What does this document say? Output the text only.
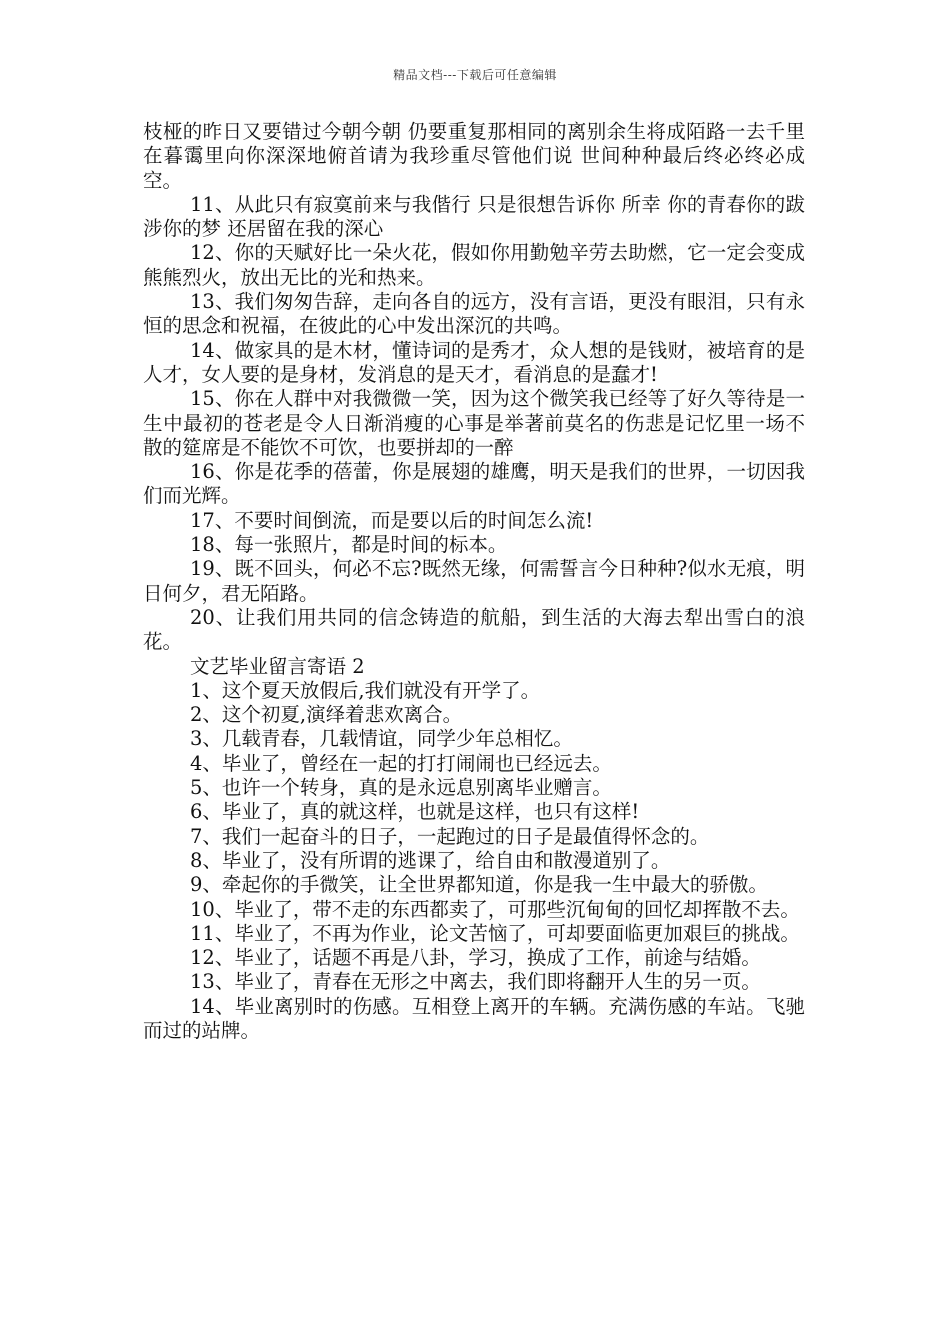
精品文档---下载后可任意编辑

枝桠的昨日又要错过今朝今朝 仍要重复那相同的离别余生将成陌路一去千里 在暮霭里向你深深地俯首请为我珍重尽管他们说 世间种种最后终必终必成空。

11、从此只有寂寞前来与我偕行 只是很想告诉你 所幸 你的青春你的跋涉你的梦 还居留在我的深心

12、你的天赋好比一朵火花，假如你用勤勉辛劳去助燃，它一定会变成熊熊烈火，放出无比的光和热来。

13、我们匆匆告辞，走向各自的远方，没有言语，更没有眼泪，只有永恒的思念和祝福，在彼此的心中发出深沉的共鸣。

14、做家具的是木材，懂诗词的是秀才，众人想的是钱财，被培育的是人才，女人要的是身材，发消息的是天才，看消息的是蠢才!

15、你在人群中对我微微一笑，因为这个微笑我已经等了好久等待是一生中最初的苍老是令人日渐消瘦的心事是举著前莫名的伤悲是记忆里一场不散的筵席是不能饮不可饮，也要拼却的一醉

16、你是花季的蓓蕾，你是展翅的雄鹰，明天是我们的世界，一切因我们而光辉。

17、不要时间倒流，而是要以后的时间怎么流!

18、每一张照片，都是时间的标本。

19、既不回头，何必不忘?既然无缘，何需誓言今日种种?似水无痕，明日何夕，君无陌路。

20、让我们用共同的信念铸造的航船，到生活的大海去犁出雪白的浪花。

文艺毕业留言寄语 2

1、这个夏天放假后,我们就没有开学了。

2、这个初夏,演绎着悲欢离合。

3、几载青春，几载情谊，同学少年总相忆。

4、毕业了，曾经在一起的打打闹闹也已经远去。

5、也许一个转身，真的是永远息别离毕业赠言。

6、毕业了，真的就这样，也就是这样，也只有这样!

7、我们一起奋斗的日子，一起跑过的日子是最值得怀念的。

8、毕业了，没有所谓的逃课了，给自由和散漫道别了。

9、牵起你的手微笑，让全世界都知道，你是我一生中最大的骄傲。

10、毕业了，带不走的东西都卖了，可那些沉甸甸的回忆却挥散不去。

11、毕业了，不再为作业，论文苦恼了，可却要面临更加艰巨的挑战。

12、毕业了，话题不再是八卦，学习，换成了工作，前途与结婚。

13、毕业了，青春在无形之中离去，我们即将翻开人生的另一页。

14、毕业离别时的伤感。互相登上离开的车辆。充满伤感的车站。飞驰而过的站牌。
